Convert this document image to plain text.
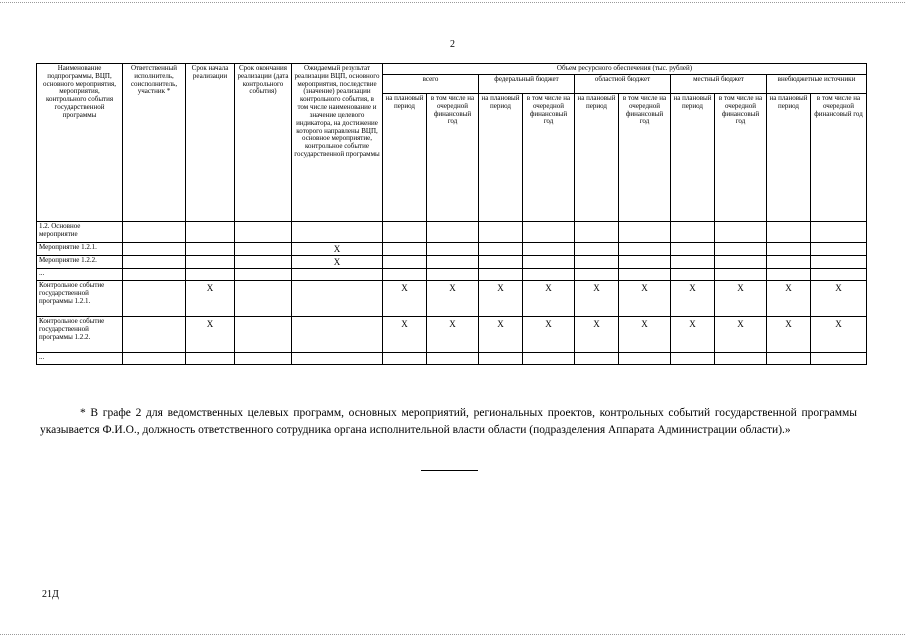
2
Наименование подпрограммы, ВЦП, основного мероприятия, мероприятия, контрольного события государственной программы	Ответственный исполнитель, соисполнитель, участник *	Срок начала реализации	Срок окончания реализации (дата контрольного события)	Ожидаемый результат реализации ВЦП, основного мероприятия, последствие (значение) реализации контрольного события, в том числе наименование и значение целевого индикатора, на достижение которого направлены ВЦП, основное мероприятие, контрольное событие государственной программы	Объем ресурсного обеспечения (тыс. рублей)									
					всего		федеральный бюджет		областной бюджет		местный бюджет		внебюджетные источники	
					на плановый период	в том числе на очередной финансовый год	на плановый период	в том числе на очередной финансовый год	на плановый период	в том числе на очередной финансовый год	на плановый период	в том числе на очередной финансовый год	на плановый период	в том числе на очередной финансовый год
1.2. Основное мероприятие														
Мероприятие 1.2.1.				X										
Мероприятие 1.2.2.				X										
...														
Контрольное событие государственной программы 1.2.1.		X			X	X	X	X	X	X	X	X	X	X
Контрольное событие государственной программы 1.2.2.		X			X	X	X	X	X	X	X	X	X	X
...														
* В графе 2 для ведомственных целевых программ, основных мероприятий, региональных проектов, контрольных событий государственной программы указывается Ф.И.О., должность ответственного сотрудника органа исполнительной власти области (подразделения Аппарата Администрации области).»
21Д
